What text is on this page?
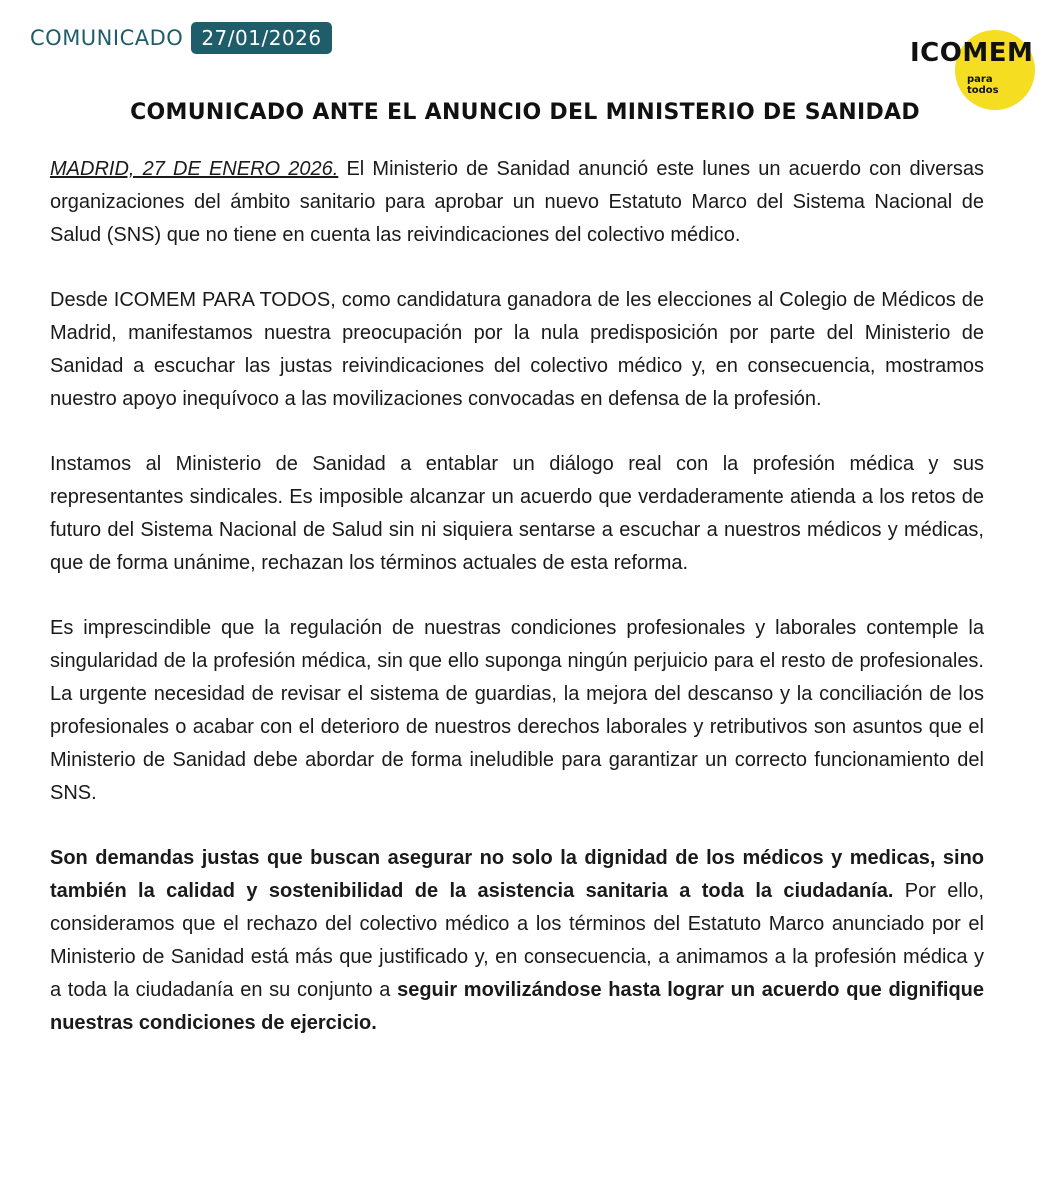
COMUNICADO 27/01/2026	ICOMEM
para todos
COMUNICADO ANTE EL ANUNCIO DEL MINISTERIO DE SANIDAD

MADRID, 27 DE ENERO 2026. El Ministerio de Sanidad anunció este lunes un acuerdo con diversas organizaciones del ámbito sanitario para aprobar un nuevo Estatuto Marco del Sistema Nacional de Salud (SNS) que no tiene en cuenta las reivindicaciones del colectivo médico.

Desde ICOMEM PARA TODOS, como candidatura ganadora de les elecciones al Colegio de Médicos de Madrid, manifestamos nuestra preocupación por la nula predisposición por parte del Ministerio de Sanidad a escuchar las justas reivindicaciones del colectivo médico y, en consecuencia, mostramos nuestro apoyo inequívoco a las movilizaciones convocadas en defensa de la profesión.

Instamos al Ministerio de Sanidad a entablar un diálogo real con la profesión médica y sus representantes sindicales. Es imposible alcanzar un acuerdo que verdaderamente atienda a los retos de futuro del Sistema Nacional de Salud sin ni siquiera sentarse a escuchar a nuestros médicos y médicas, que de forma unánime, rechazan los términos actuales de esta reforma.

Es imprescindible que la regulación de nuestras condiciones profesionales y laborales contemple la singularidad de la profesión médica, sin que ello suponga ningún perjuicio para el resto de profesionales. La urgente necesidad de revisar el sistema de guardias, la mejora del descanso y la conciliación de los profesionales o acabar con el deterioro de nuestros derechos laborales y retributivos son asuntos que el Ministerio de Sanidad debe abordar de forma ineludible para garantizar un correcto funcionamiento del SNS.

Son demandas justas que buscan asegurar no solo la dignidad de los médicos y medicas, sino también la calidad y sostenibilidad de la asistencia sanitaria a toda la ciudadanía. Por ello, consideramos que el rechazo del colectivo médico a los términos del Estatuto Marco anunciado por el Ministerio de Sanidad está más que justificado y, en consecuencia, a animamos a la profesión médica y a toda la ciudadanía en su conjunto a seguir movilizándose hasta lograr un acuerdo que dignifique nuestras condiciones de ejercicio.
